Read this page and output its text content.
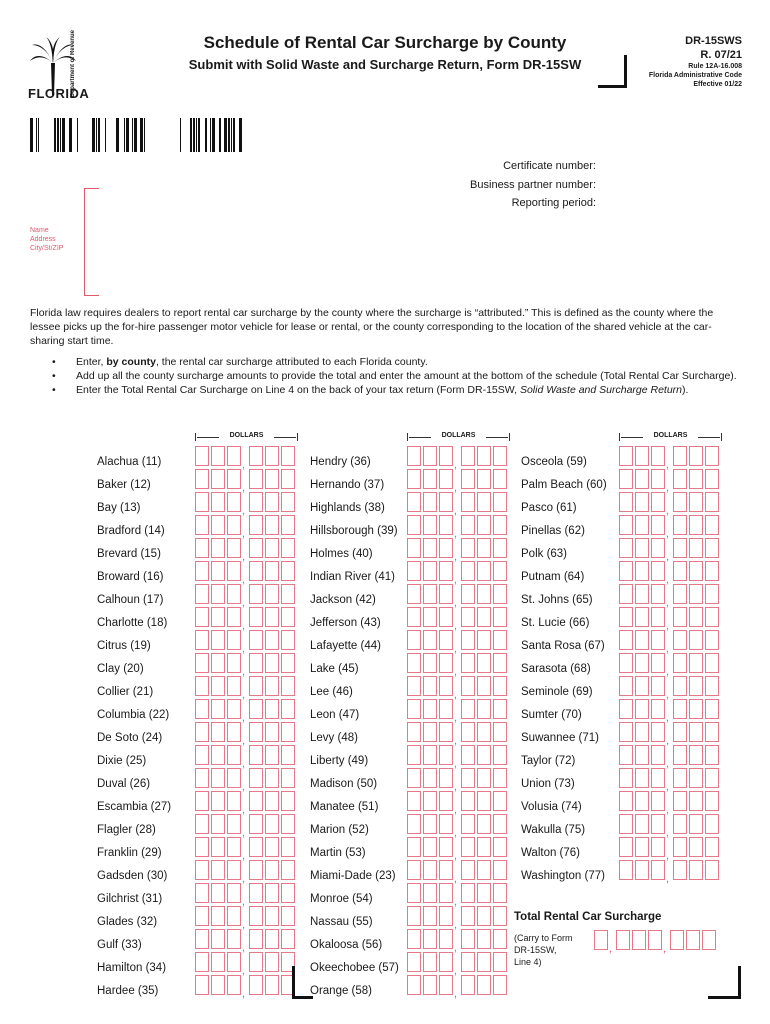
Department of Revenue
FLORIDA
Schedule of Rental Car Surcharge by County
Submit with Solid Waste and Surcharge Return, Form DR-15SW
DR-15SWS
R. 07/21
Rule 12A-16.008
Florida Administrative Code
Effective 01/22
Certificate number:
Business partner number:
Reporting period:
Name
Address
City/St/ZIP
Florida law requires dealers to report rental car surcharge by the county where the surcharge is “attributed.” This is defined as the county where the lessee picks up the for-hire passenger motor vehicle for lease or rental, or the county corresponding to the location of the shared vehicle at the car-sharing start time.
• Enter, by county, the rental car surcharge attributed to each Florida county.
• Add up all the county surcharge amounts to provide the total and enter the amount at the bottom of the schedule (Total Rental Car Surcharge).
• Enter the Total Rental Car Surcharge on Line 4 on the back of your tax return (Form DR-15SW, Solid Waste and Surcharge Return).
DOLLARS	DOLLARS	DOLLARS
Alachua (11)	,
Baker (12)	,
Bay (13)	,
Bradford (14)	,
Brevard (15)	,
Broward (16)	,
Calhoun (17)	,
Charlotte (18)	,
Citrus (19)	,
Clay (20)	,
Collier (21)	,
Columbia (22)	,
De Soto (24)	,
Dixie (25)	,
Duval (26)	,
Escambia (27)	,
Flagler (28)	,
Franklin (29)	,
Gadsden (30)	,
Gilchrist (31)	,
Glades (32)	,
Gulf (33)	,
Hamilton (34)	,
Hardee (35)	,
Hendry (36)	,
Hernando (37)	,
Highlands (38)	,
Hillsborough (39)	,
Holmes (40)	,
Indian River (41)	,
Jackson (42)	,
Jefferson (43)	,
Lafayette (44)	,
Lake (45)	,
Lee (46)	,
Leon (47)	,
Levy (48)	,
Liberty (49)	,
Madison (50)	,
Manatee (51)	,
Marion (52)	,
Martin (53)	,
Miami-Dade (23)	,
Monroe (54)	,
Nassau (55)	,
Okaloosa (56)	,
Okeechobee (57)	,
Orange (58)	,
Osceola (59)	,
Palm Beach (60)	,
Pasco (61)	,
Pinellas (62)	,
Polk (63)	,
Putnam (64)	,
St. Johns (65)	,
St. Lucie (66)	,
Santa Rosa (67)	,
Sarasota (68)	,
Seminole (69)	,
Sumter (70)	,
Suwannee (71)	,
Taylor (72)	,
Union (73)	,
Volusia (74)	,
Wakulla (75)	,
Walton (76)	,
Washington (77)	,
Total Rental Car Surcharge
(Carry to Form
DR-15SW,
Line 4)
,	,
